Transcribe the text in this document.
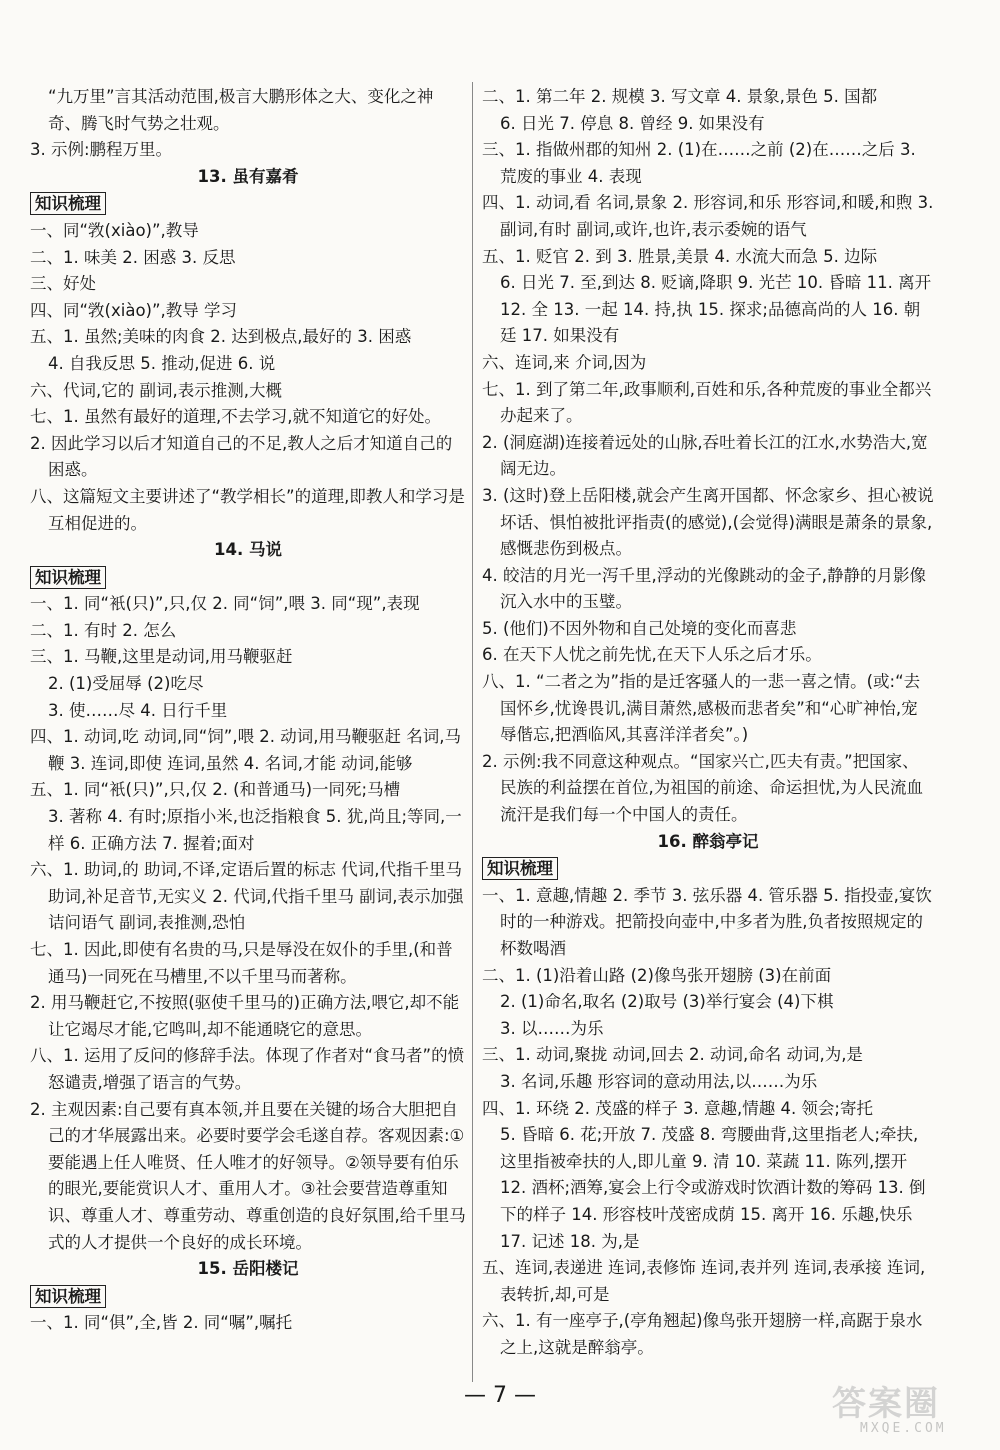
“九万里”言其活动范围,极言大鹏形体之大、变化之神奇、腾飞时气势之壮观。
3. 示例:鹏程万里。
13. 虽有嘉肴
知识梳理
一、同“敩(xiào)”,教导
二、1. 味美 2. 困惑 3. 反思
三、好处
四、同“敩(xiào)”,教导 学习
五、1. 虽然;美味的肉食 2. 达到极点,最好的 3. 困惑
4. 自我反思 5. 推动,促进 6. 说
六、代词,它的 副词,表示推测,大概
七、1. 虽然有最好的道理,不去学习,就不知道它的好处。
2. 因此学习以后才知道自己的不足,教人之后才知道自己的困惑。
八、这篇短文主要讲述了“教学相长”的道理,即教人和学习是互相促进的。
14. 马说
知识梳理
一、1. 同“衹(只)”,只,仅 2. 同“饲”,喂 3. 同“现”,表现
二、1. 有时 2. 怎么
三、1. 马鞭,这里是动词,用马鞭驱赶
2. (1)受屈辱 (2)吃尽
3. 使……尽 4. 日行千里
四、1. 动词,吃 动词,同“饲”,喂 2. 动词,用马鞭驱赶 名词,马鞭 3. 连词,即使 连词,虽然 4. 名词,才能 动词,能够
五、1. 同“衹(只)”,只,仅 2. (和普通马)一同死;马槽
3. 著称 4. 有时;原指小米,也泛指粮食 5. 犹,尚且;等同,一样 6. 正确方法 7. 握着;面对
六、1. 助词,的 助词,不译,定语后置的标志 代词,代指千里马 助词,补足音节,无实义 2. 代词,代指千里马 副词,表示加强诘问语气 副词,表推测,恐怕
七、1. 因此,即使有名贵的马,只是辱没在奴仆的手里,(和普通马)一同死在马槽里,不以千里马而著称。
2. 用马鞭赶它,不按照(驱使千里马的)正确方法,喂它,却不能让它竭尽才能,它鸣叫,却不能通晓它的意思。
八、1. 运用了反问的修辞手法。体现了作者对“食马者”的愤怒谴责,增强了语言的气势。
2. 主观因素:自己要有真本领,并且要在关键的场合大胆把自己的才华展露出来。必要时要学会毛遂自荐。客观因素:①要能遇上任人唯贤、任人唯才的好领导。②领导要有伯乐的眼光,要能赏识人才、重用人才。③社会要营造尊重知识、尊重人才、尊重劳动、尊重创造的良好氛围,给千里马式的人才提供一个良好的成长环境。
15. 岳阳楼记
知识梳理
一、1. 同“俱”,全,皆 2. 同“嘱”,嘱托
二、1. 第二年 2. 规模 3. 写文章 4. 景象,景色 5. 国都
6. 日光 7. 停息 8. 曾经 9. 如果没有
三、1. 指做州郡的知州 2. (1)在……之前 (2)在……之后 3. 荒废的事业 4. 表现
四、1. 动词,看 名词,景象 2. 形容词,和乐 形容词,和暖,和煦 3. 副词,有时 副词,或许,也许,表示委婉的语气
五、1. 贬官 2. 到 3. 胜景,美景 4. 水流大而急 5. 边际
6. 日光 7. 至,到达 8. 贬谪,降职 9. 光芒 10. 昏暗 11. 离开 12. 全 13. 一起 14. 持,执 15. 探求;品德高尚的人 16. 朝廷 17. 如果没有
六、连词,来 介词,因为
七、1. 到了第二年,政事顺利,百姓和乐,各种荒废的事业全都兴办起来了。
2. (洞庭湖)连接着远处的山脉,吞吐着长江的江水,水势浩大,宽阔无边。
3. (这时)登上岳阳楼,就会产生离开国都、怀念家乡、担心被说坏话、惧怕被批评指责(的感觉),(会觉得)满眼是萧条的景象,感慨悲伤到极点。
4. 皎洁的月光一泻千里,浮动的光像跳动的金子,静静的月影像沉入水中的玉璧。
5. (他们)不因外物和自己处境的变化而喜悲
6. 在天下人忧之前先忧,在天下人乐之后才乐。
八、1. “二者之为”指的是迁客骚人的一悲一喜之情。(或:“去国怀乡,忧谗畏讥,满目萧然,感极而悲者矣”和“心旷神怡,宠辱偕忘,把酒临风,其喜洋洋者矣”。)
2. 示例:我不同意这种观点。“国家兴亡,匹夫有责。”把国家、民族的利益摆在首位,为祖国的前途、命运担忧,为人民流血流汗是我们每一个中国人的责任。
16. 醉翁亭记
知识梳理
一、1. 意趣,情趣 2. 季节 3. 弦乐器 4. 管乐器 5. 指投壶,宴饮时的一种游戏。把箭投向壶中,中多者为胜,负者按照规定的杯数喝酒
二、1. (1)沿着山路 (2)像鸟张开翅膀 (3)在前面
2. (1)命名,取名 (2)取号 (3)举行宴会 (4)下棋
3. 以……为乐
三、1. 动词,聚拢 动词,回去 2. 动词,命名 动词,为,是
3. 名词,乐趣 形容词的意动用法,以……为乐
四、1. 环绕 2. 茂盛的样子 3. 意趣,情趣 4. 领会;寄托
5. 昏暗 6. 花;开放 7. 茂盛 8. 弯腰曲背,这里指老人;牵扶,这里指被牵扶的人,即儿童 9. 清 10. 菜蔬 11. 陈列,摆开 12. 酒杯;酒筹,宴会上行令或游戏时饮酒计数的筹码 13. 倒下的样子 14. 形容枝叶茂密成荫 15. 离开 16. 乐趣,快乐 17. 记述 18. 为,是
五、连词,表递进 连词,表修饰 连词,表并列 连词,表承接 连词,表转折,却,可是
六、1. 有一座亭子,(亭角翘起)像鸟张开翅膀一样,高踞于泉水之上,这就是醉翁亭。
— 7 —	答案圈
MXQE.COM
